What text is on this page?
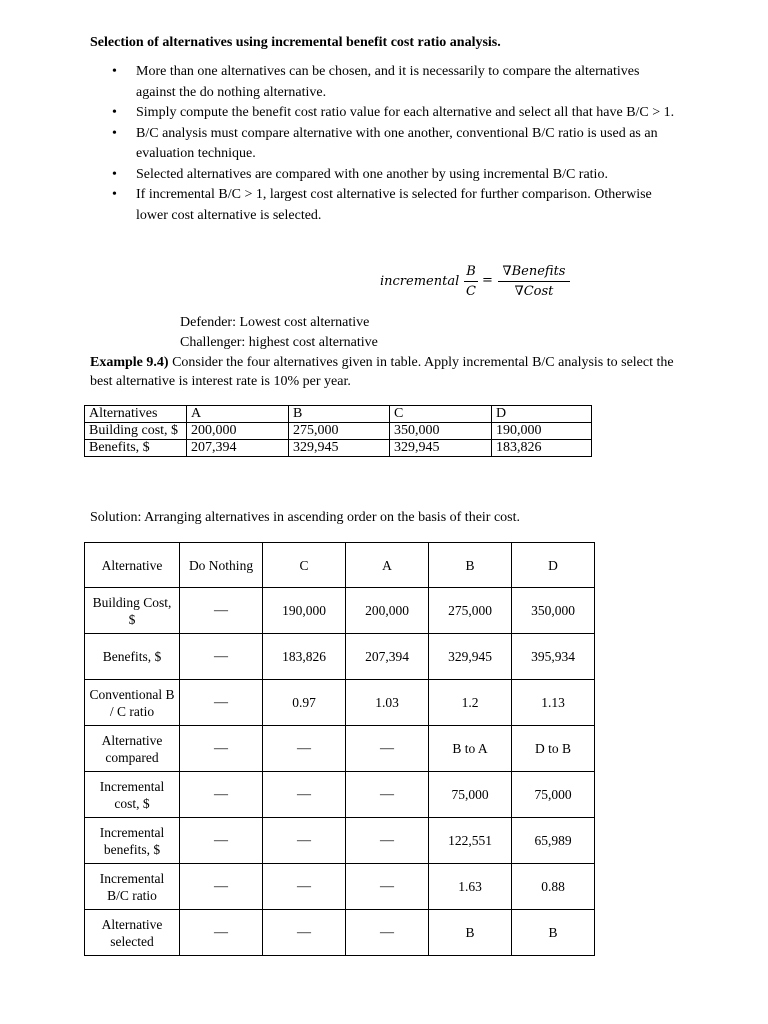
Selection of alternatives using incremental benefit cost ratio analysis.
• More than one alternatives can be chosen, and it is necessarily to compare the alternatives against the do nothing alternative.
• Simply compute the benefit cost ratio value for each alternative and select all that have B/C > 1.
• B/C analysis must compare alternative with one another, conventional B/C ratio is used as an evaluation technique.
• Selected alternatives are compared with one another by using incremental B/C ratio.
• If incremental B/C > 1, largest cost alternative is selected for further comparison. Otherwise lower cost alternative is selected.
incremental
B
C
=
∇Benefits
∇Cost
Defender: Lowest cost alternative
Challenger: highest cost alternative
Example 9.4) Consider the four alternatives given in table. Apply incremental B/C analysis to select the best alternative is interest rate is 10% per year.
Alternatives	A	B	C	D
Building cost, $	200,000	275,000	350,000	190,000
Benefits, $	207,394	329,945	329,945	183,826
Solution: Arranging alternatives in ascending order on the basis of their cost.
Alternative	Do Nothing	C	A	B	D
Building Cost, $	—	190,000	200,000	275,000	350,000
Benefits, $	—	183,826	207,394	329,945	395,934
Conventional B / C ratio	—	0.97	1.03	1.2	1.13
Alternative compared	—	—	—	B to A	D to B
Incremental cost, $	—	—	—	75,000	75,000
Incremental benefits, $	—	—	—	122,551	65,989
Incremental B/C ratio	—	—	—	1.63	0.88
Alternative selected	—	—	—	B	B
